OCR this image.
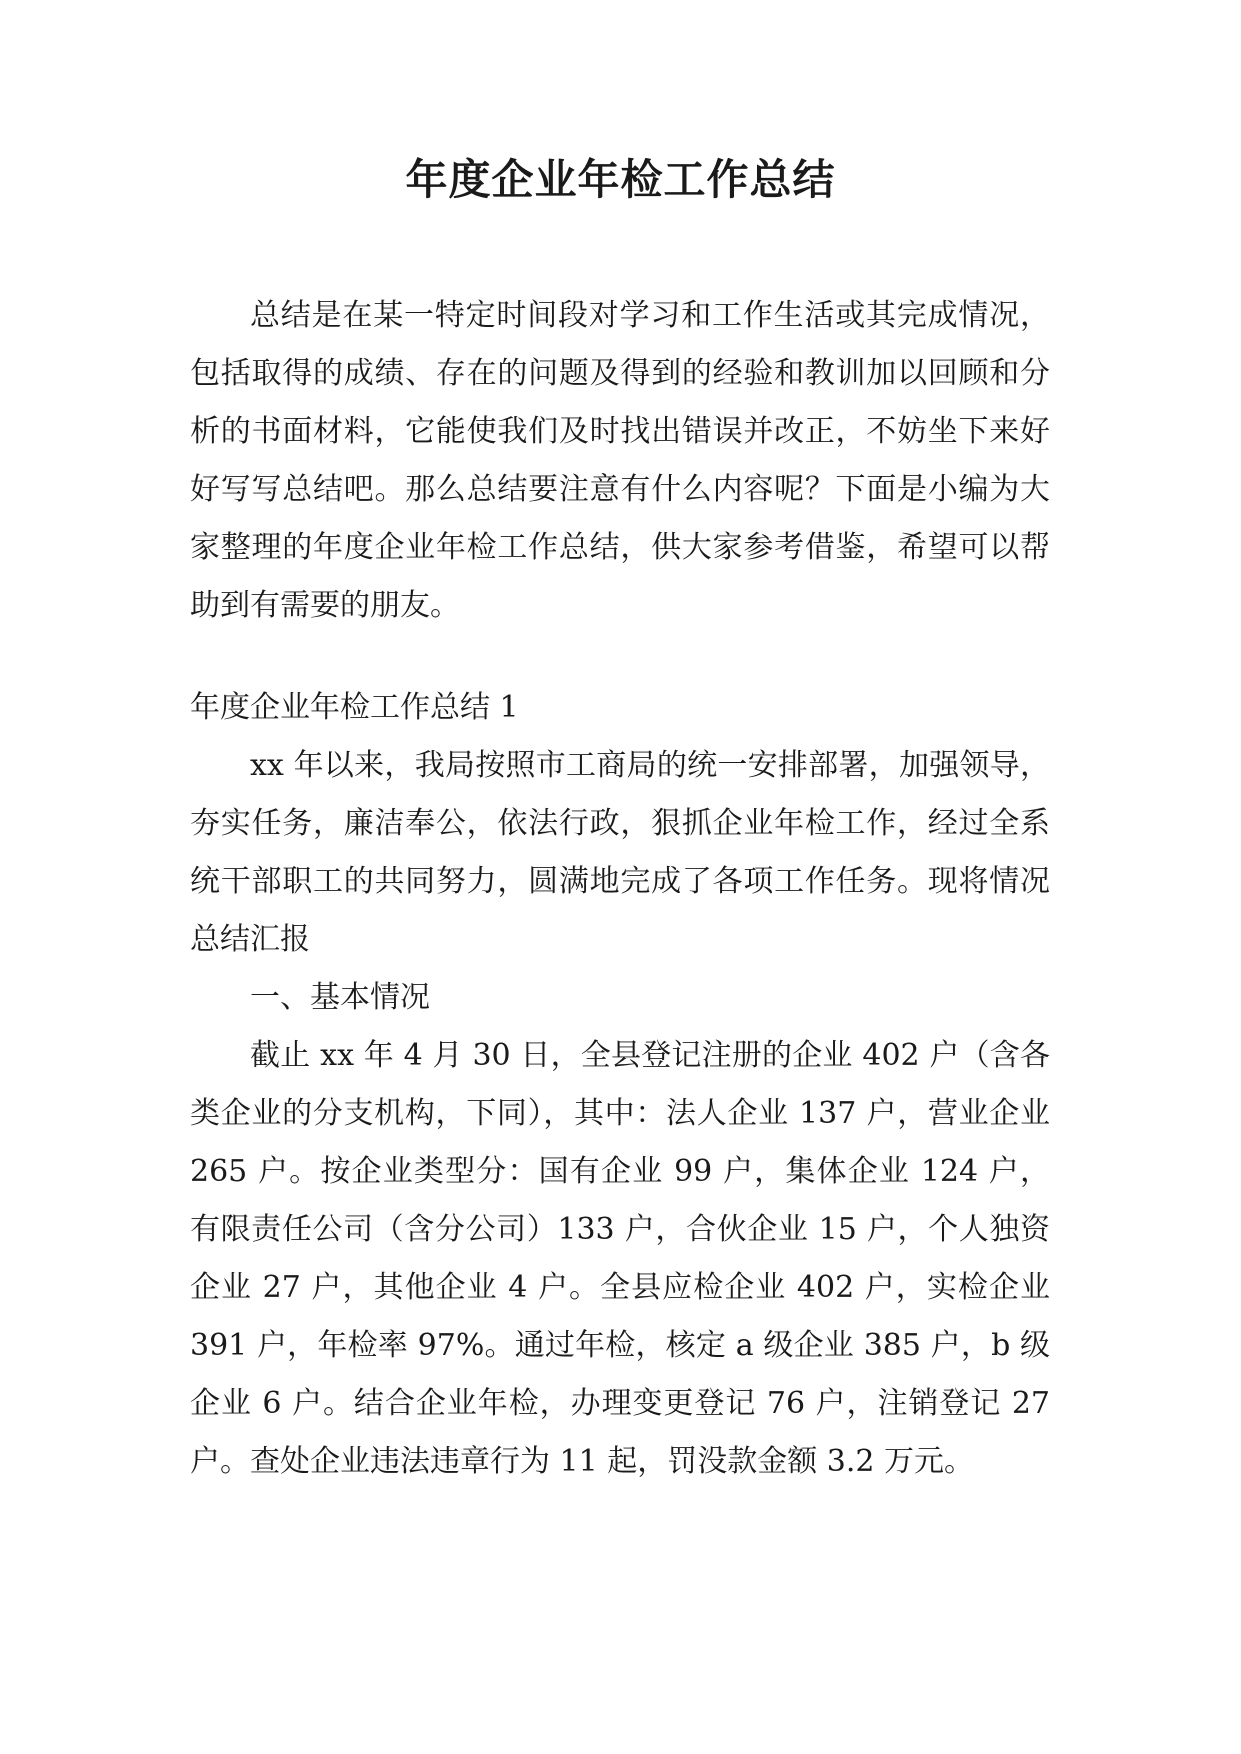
年度企业年检工作总结

总结是在某一特定时间段对学习和工作生活或其完成情况，包括取得的成绩、存在的问题及得到的经验和教训加以回顾和分析的书面材料，它能使我们及时找出错误并改正，不妨坐下来好好写写总结吧。那么总结要注意有什么内容呢？下面是小编为大家整理的年度企业年检工作总结，供大家参考借鉴，希望可以帮助到有需要的朋友。

年度企业年检工作总结 1

xx 年以来，我局按照市工商局的统一安排部署，加强领导，夯实任务，廉洁奉公，依法行政，狠抓企业年检工作，经过全系统干部职工的共同努力，圆满地完成了各项工作任务。现将情况总结汇报

一、基本情况

截止 xx 年 4 月 30 日，全县登记注册的企业 402 户（含各类企业的分支机构，下同），其中：法人企业 137 户，营业企业 265 户。按企业类型分：国有企业 99 户，集体企业 124 户，有限责任公司（含分公司）133 户，合伙企业 15 户，个人独资企业 27 户，其他企业 4 户。全县应检企业 402 户，实检企业 391 户，年检率 97%。通过年检，核定 a 级企业 385 户，b 级企业 6 户。结合企业年检，办理变更登记 76 户，注销登记 27 户。查处企业违法违章行为 11 起，罚没款金额 3.2 万元。
